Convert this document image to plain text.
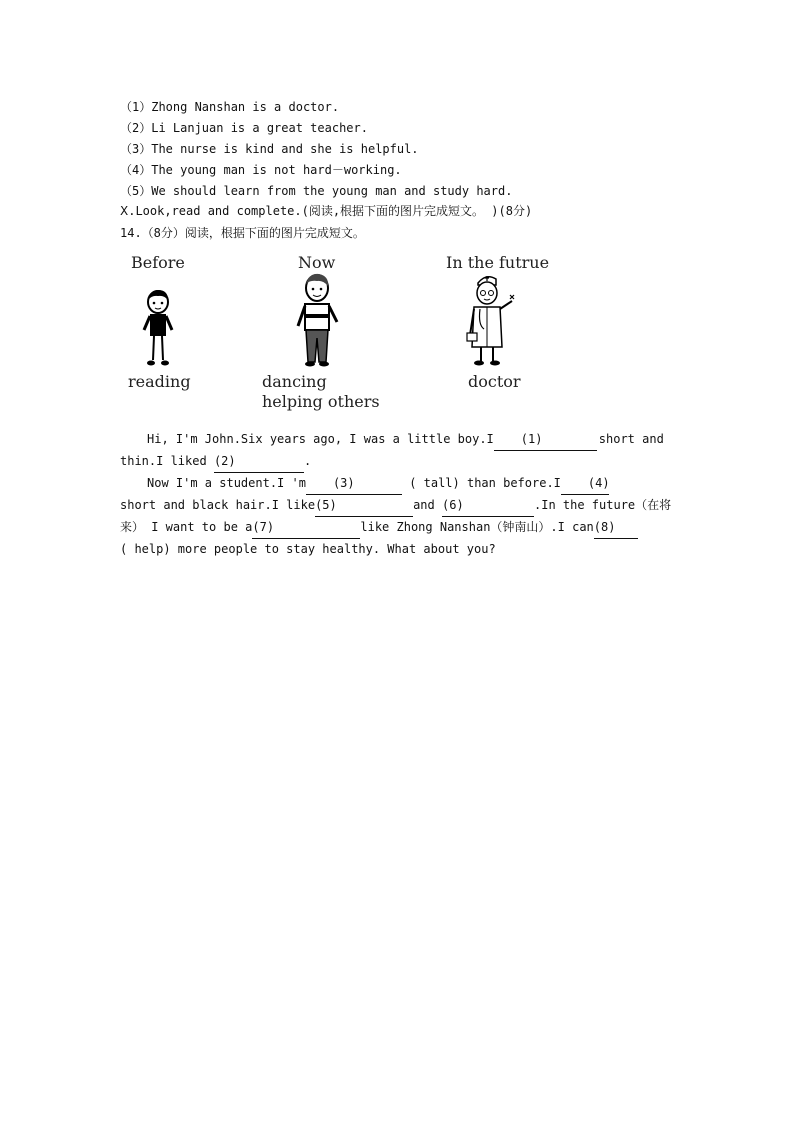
（1）Zhong Nanshan is a doctor.
（2）Li Lanjuan is a great teacher.
（3）The nurse is kind and she is helpful.
（4）The young man is not hard－working.
（5）We should learn from the young man and study hard.
Ⅹ.Look,read and complete.(阅读,根据下面的图片完成短文。 )(8分)
14.（8分）阅读，根据下面的图片完成短文。
Before	Now	In the futrue
reading	dancing
helping others
doctor

Hi, I'm John.Six years ago, I was a little boy.I (1)	short and

thin.I liked (2)	.

Now I'm a student.I 'm (3)	( tall) than before.I (4)

short and black hair.I like(5)	and (6)	.In the future（在将

来） I want to be a(7)	like Zhong Nanshan（钟南山）.I can(8)

( help) more people to stay healthy. What about you?
